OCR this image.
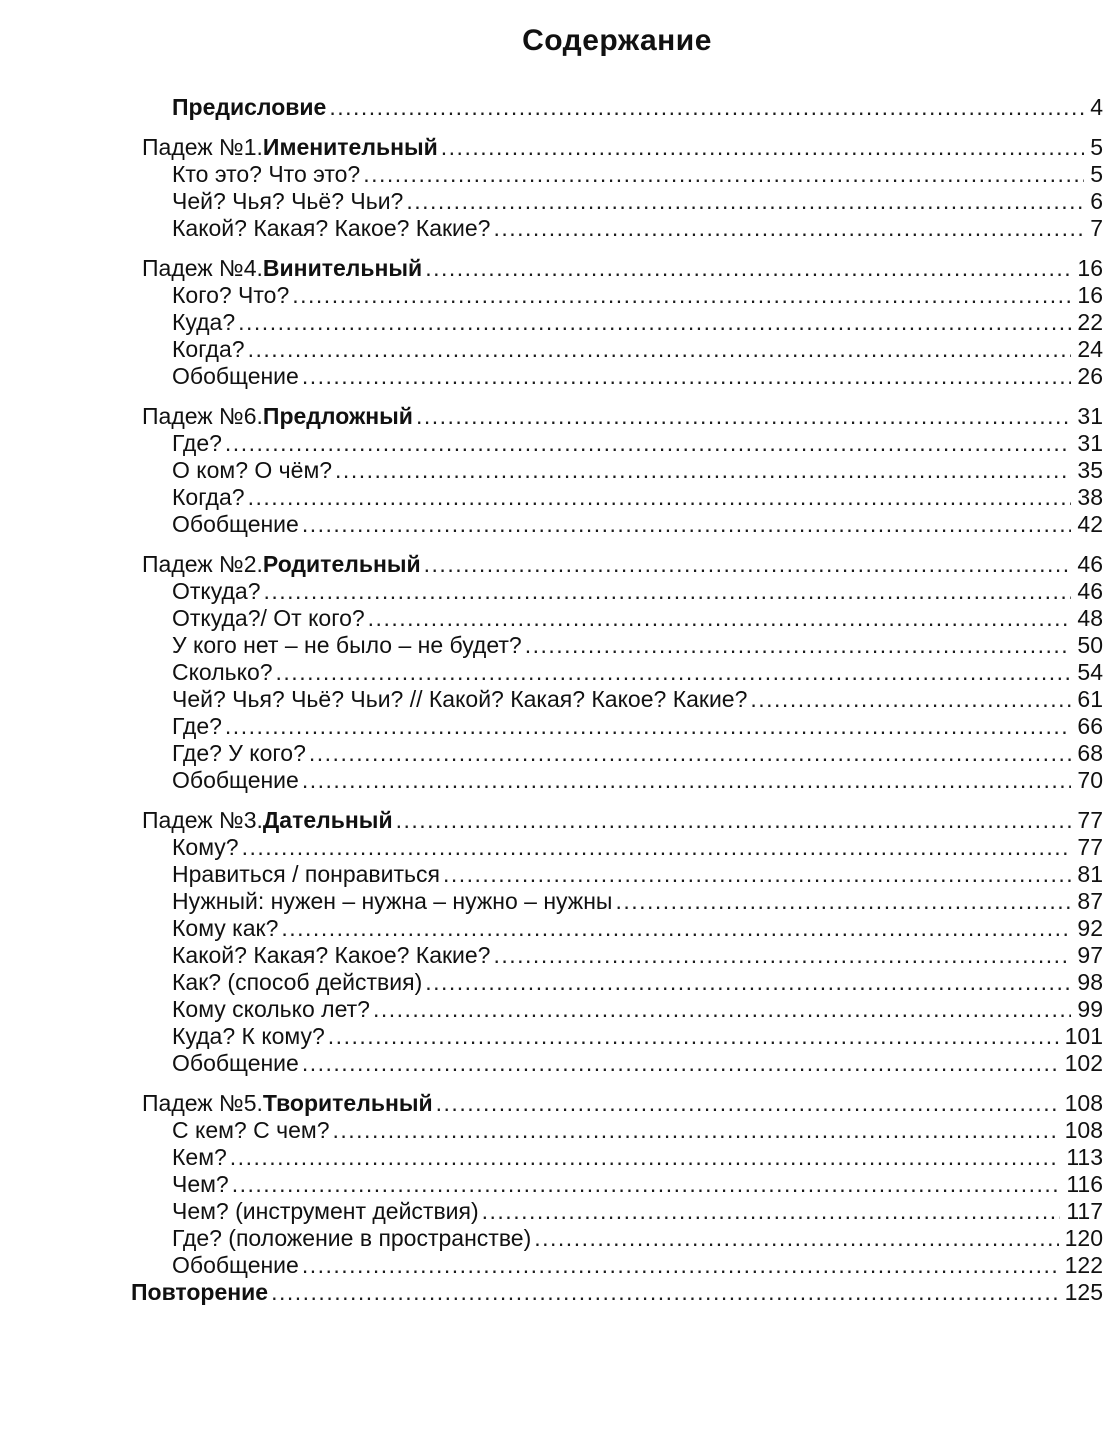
Содержание
Предисловие .....	4
Падеж №1. Именительный .....	5
Кто это? Что это? .....	5
Чей? Чья? Чьё? Чьи? .....	6
Какой? Какая? Какое? Какие? .....	7
Падеж №4. Винительный .....	16
Кого? Что? .....	16
Куда? .....	22
Когда? .....	24
Обобщение .....	26
Падеж №6. Предложный .....	31
Где? .....	31
О ком? О чём? .....	35
Когда? .....	38
Обобщение .....	42
Падеж №2. Родительный .....	46
Откуда? .....	46
Откуда?/ От кого? .....	48
У кого нет – не было – не будет? .....	50
Сколько? .....	54
Чей? Чья? Чьё? Чьи? // Какой? Какая? Какое? Какие? .....	61
Где? .....	66
Где? У кого? .....	68
Обобщение .....	70
Падеж №3. Дательный .....	77
Кому? .....	77
Нравиться / понравиться .....	81
Нужный: нужен – нужна – нужно – нужны .....	87
Кому как? .....	92
Какой? Какая? Какое? Какие? .....	97
Как? (способ действия) .....	98
Кому сколько лет? .....	99
Куда? К кому? .....	101
Обобщение .....	102
Падеж №5. Творительный .....	108
С кем? С чем? .....	108
Кем? .....	113
Чем? .....	116
Чем? (инструмент действия) .....	117
Где? (положение в пространстве) .....	120
Обобщение .....	122
Повторение .....	125
